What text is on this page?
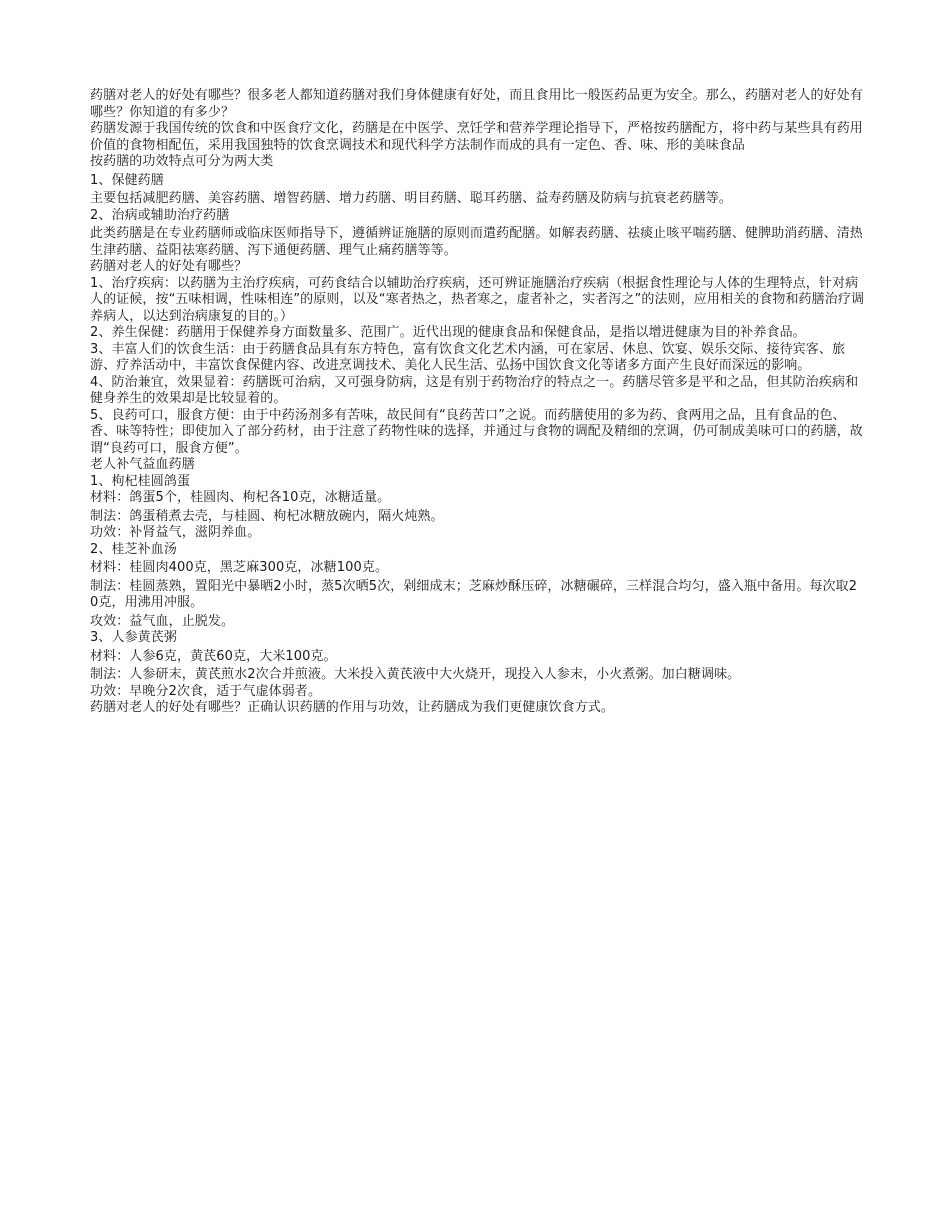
药膳对老人的好处有哪些？很多老人都知道药膳对我们身体健康有好处，而且食用比一般医药品更为安全。那么，药膳对老人的好处有哪些？你知道的有多少？

药膳发源于我国传统的饮食和中医食疗文化，药膳是在中医学、烹饪学和营养学理论指导下，严格按药膳配方，将中药与某些具有药用价值的食物相配伍，采用我国独特的饮食烹调技术和现代科学方法制作而成的具有一定色、香、味、形的美味食品

按药膳的功效特点可分为两大类

1、保健药膳

主要包括减肥药膳、美容药膳、增智药膳、增力药膳、明目药膳、聪耳药膳、益寿药膳及防病与抗衰老药膳等。

2、治病或辅助治疗药膳

此类药膳是在专业药膳师或临床医师指导下，遵循辨证施膳的原则而遣药配膳。如解表药膳、祛痰止咳平喘药膳、健脾助消药膳、清热生津药膳、益阳祛寒药膳、泻下通便药膳、理气止痛药膳等等。

药膳对老人的好处有哪些？

1、治疗疾病：以药膳为主治疗疾病，可药食结合以辅助治疗疾病，还可辨证施膳治疗疾病（根据食性理论与人体的生理特点，针对病人的证候，按“五味相调，性味相连”的原则，以及“寒者热之，热者寒之，虚者补之，实者泻之”的法则，应用相关的食物和药膳治疗调养病人，以达到治病康复的目的。）

2、养生保健：药膳用于保健养身方面数量多、范围广。近代出现的健康食品和保健食品，是指以增进健康为目的补养食品。

3、丰富人们的饮食生活：由于药膳食品具有东方特色，富有饮食文化艺术内涵，可在家居、休息、饮宴、娱乐交际、接待宾客、旅游、疗养活动中，丰富饮食保健内容、改进烹调技术、美化人民生活、弘扬中国饮食文化等诸多方面产生良好而深远的影响。

4、防治兼宜，效果显着：药膳既可治病，又可强身防病，这是有别于药物治疗的特点之一。药膳尽管多是平和之品，但其防治疾病和健身养生的效果却是比较显着的。

5、良药可口，服食方便：由于中药汤剂多有苦味，故民间有“良药苦口”之说。而药膳使用的多为药、食两用之品，且有食品的色、香、味等特性；即使加入了部分药材，由于注意了药物性味的选择，并通过与食物的调配及精细的烹调，仍可制成美味可口的药膳，故谓“良药可口，服食方便”。

老人补气益血药膳

1、枸杞桂圆鸽蛋

材料：鸽蛋5个，桂圆肉、枸杞各10克，冰糖适量。

制法：鸽蛋稍煮去壳，与桂圆、枸杞冰糖放碗内，隔火炖熟。

功效：补肾益气，滋阴养血。

2、桂芝补血汤

材料：桂圆肉400克，黑芝麻300克，冰糖100克。

制法：桂圆蒸熟，置阳光中暴晒2小时，蒸5次晒5次，剁细成末；芝麻炒酥压碎，冰糖碾碎，三样混合均匀，盛入瓶中备用。每次取20克，用沸用冲服。

攻效：益气血，止脱发。

3、人参黄芪粥

材料：人参6克，黄芪60克，大米100克。

制法：人参研末，黄芪煎水2次合并煎液。大米投入黄芪液中大火烧开，现投入人参末，小火煮粥。加白糖调味。

功效：早晚分2次食，适于气虚体弱者。

药膳对老人的好处有哪些？正确认识药膳的作用与功效，让药膳成为我们更健康饮食方式。
